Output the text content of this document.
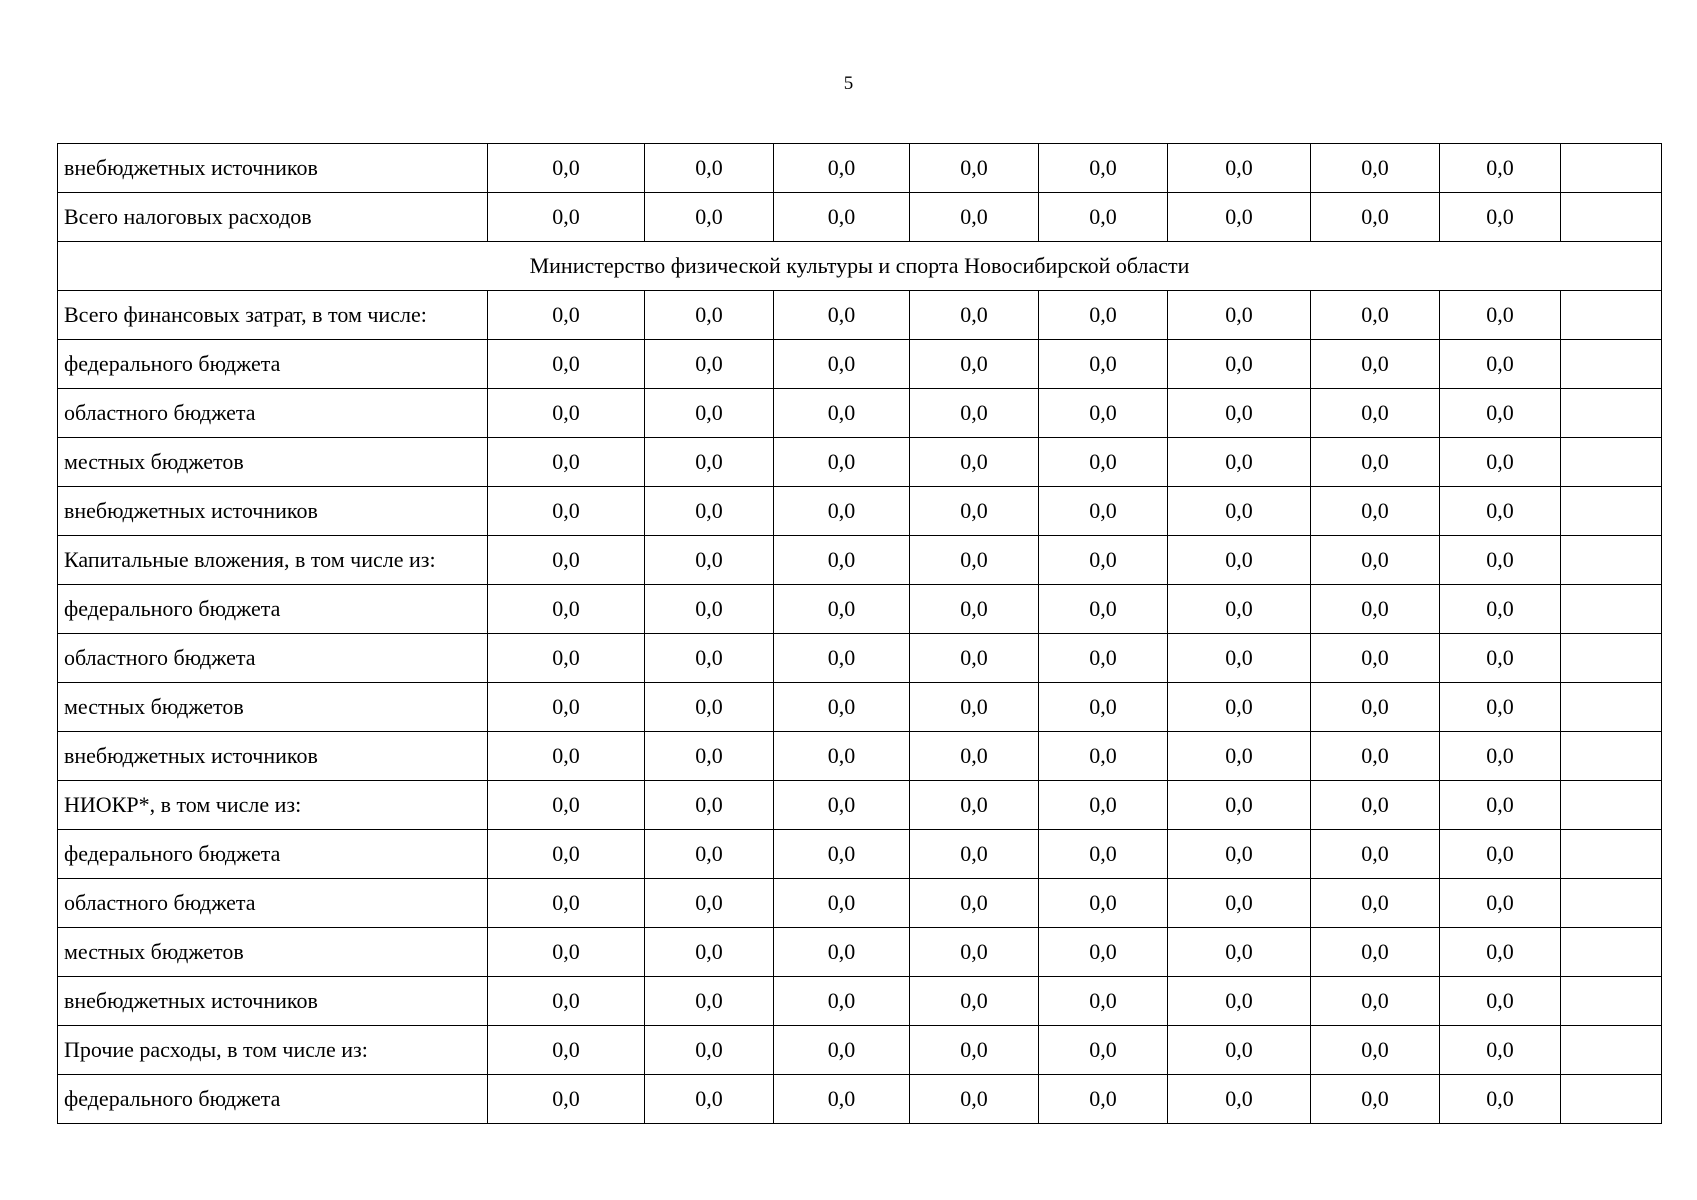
5
внебюджетных источников	0,0	0,0	0,0	0,0	0,0	0,0	0,0	0,0	
Всего налоговых расходов	0,0	0,0	0,0	0,0	0,0	0,0	0,0	0,0	
Министерство физической культуры и спорта Новосибирской области									
Всего финансовых затрат, в том числе:	0,0	0,0	0,0	0,0	0,0	0,0	0,0	0,0	
федерального бюджета	0,0	0,0	0,0	0,0	0,0	0,0	0,0	0,0	
областного бюджета	0,0	0,0	0,0	0,0	0,0	0,0	0,0	0,0	
местных бюджетов	0,0	0,0	0,0	0,0	0,0	0,0	0,0	0,0	
внебюджетных источников	0,0	0,0	0,0	0,0	0,0	0,0	0,0	0,0	
Капитальные вложения, в том числе из:	0,0	0,0	0,0	0,0	0,0	0,0	0,0	0,0	
федерального бюджета	0,0	0,0	0,0	0,0	0,0	0,0	0,0	0,0	
областного бюджета	0,0	0,0	0,0	0,0	0,0	0,0	0,0	0,0	
местных бюджетов	0,0	0,0	0,0	0,0	0,0	0,0	0,0	0,0	
внебюджетных источников	0,0	0,0	0,0	0,0	0,0	0,0	0,0	0,0	
НИОКР*, в том числе из:	0,0	0,0	0,0	0,0	0,0	0,0	0,0	0,0	
федерального бюджета	0,0	0,0	0,0	0,0	0,0	0,0	0,0	0,0	
областного бюджета	0,0	0,0	0,0	0,0	0,0	0,0	0,0	0,0	
местных бюджетов	0,0	0,0	0,0	0,0	0,0	0,0	0,0	0,0	
внебюджетных источников	0,0	0,0	0,0	0,0	0,0	0,0	0,0	0,0	
Прочие расходы, в том числе из:	0,0	0,0	0,0	0,0	0,0	0,0	0,0	0,0	
федерального бюджета	0,0	0,0	0,0	0,0	0,0	0,0	0,0	0,0	
